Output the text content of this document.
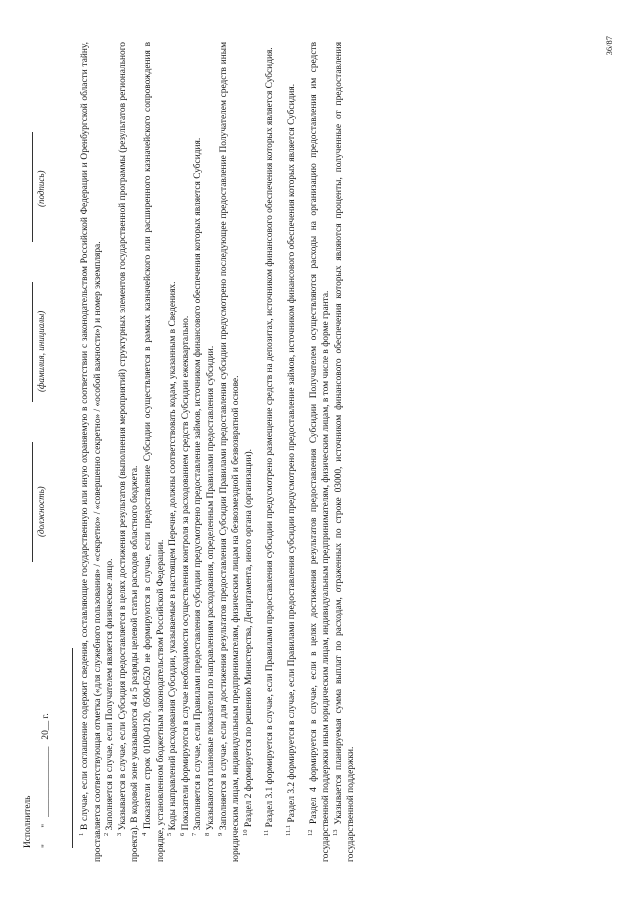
Исполнитель "       "   _______________   20__ г.
(должность)
(фамилия, инициалы)
(подпись)

$^1$ В случае, если соглашение содержит сведения, составляющие государственную или иную охраняемую в соответствии с законодательством Российской Федерации и Оренбургской области тайну, проставляется соответствующая отметка («для служебного пользования» / «секретно» / «совершенно секретно» / «особой важности») и номер экземпляра. $^2$ Заполняется в случае, если Получателем является физическое лицо.

$^3$ Указывается в случае, если Субсидия предоставляется в целях достижения результатов (выполнения мероприятий) структурных элементов государственной программы (результатов регионального проекта). В кодовой зоне указываются 4 и 5 разряды целевой статьи расходов областного бюджета. $^4$ Показатели строк 0100-0120, 0500-0520 не формируются в случае, если предоставление Субсидии осуществляется в рамках казначейского или расширенного казначейского сопровождения в порядке, установленном бюджетным законодательством Российской Федерации. $^5$ Коды направлений расходования Субсидии, указываемые в настоящем Перечне, должны соответствовать кодам, указанным в Сведениях.

$^6$ Показатели формируются в случае необходимости осуществления контроля за расходованием средств Субсидии ежеквартально.

$^7$ Заполняется в случае, если Правилами предоставления субсидии предусмотрено предоставление займов, источником финансового обеспечения которых является Субсидия.

$^8$ Указываются плановые показатели по направлениям расходования, определенным Правилами предоставления субсидии.

$^9$ Заполняется в случае, если для достижения результатов предоставления Субсидии Правилами предоставления субсидии предусмотрено последующее предоставление Получателем средств иным юридическим лицам, индивидуальным предпринимателям, физическим лицам на безвозмездной и безвозвратной основе. $^{10}$ Раздел 2 формируется по решению Министерства, Департамента, иного органа (организации).

$^{11}$ Раздел 3.1 формируется в случае, если Правилами предоставления субсидии предусмотрено размещение средств на депозитах, источником финансового обеспечения которых является Субсидия.

$^{11.1}$ Раздел 3.2 формируется в случае, если Правилами предоставления субсидии предусмотрено предоставление займов, источником финансового обеспечения которых является Субсидия.

$^{12}$ Раздел 4 формируется в случае, если в целях достижения результатов предоставления Субсидии Получателем осуществляются расходы на организацию предоставления им средств государственной поддержки иным юридическим лицам, индивидуальным предпринимателям, физическим лицам, в том числе в форме гранта. $^{13}$ Указывается планируемая сумма выплат по расходам, отраженных по строке 03000, источником финансового обеспечения которых являются проценты, полученные от предоставления государственной поддержки.

36/87
